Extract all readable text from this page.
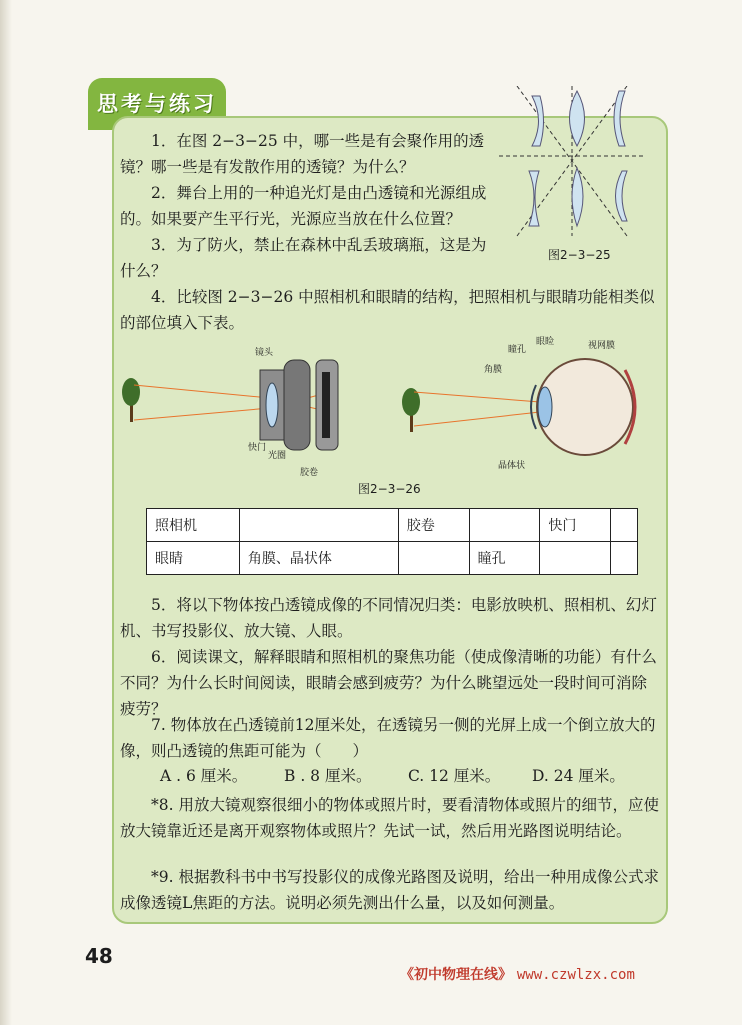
思考与练习
图2−3−25

1．在图 2−3−25 中，哪一些是有会聚作用的透镜？哪一些是有发散作用的透镜？为什么？

2．舞台上用的一种追光灯是由凸透镜和光源组成的。如果要产生平行光，光源应当放在什么位置？

3．为了防火，禁止在森林中乱丢玻璃瓶，这是为什么？

4．比较图 2−3−26 中照相机和眼睛的结构，把照相机与眼睛功能相类似的部位填入下表。

镜头
快门
光圈
胶卷
瞳孔
眼睑	视网膜
角膜
晶体状
图2−3−26
照相机		胶卷		快门	
眼睛	角膜、晶状体		瞳孔		

5．将以下物体按凸透镜成像的不同情况归类：电影放映机、照相机、幻灯机、书写投影仪、放大镜、人眼。

6．阅读课文，解释眼睛和照相机的聚焦功能（使成像清晰的功能）有什么不同？为什么长时间阅读，眼睛会感到疲劳？为什么眺望远处一段时间可消除疲劳？

7. 物体放在凸透镜前12厘米处，在透镜另一侧的光屏上成一个倒立放大的像，则凸透镜的焦距可能为（　　）

A . 6 厘米。 B . 8 厘米。 C. 12 厘米。 D. 24 厘米。

*8. 用放大镜观察很细小的物体或照片时，要看清物体或照片的细节，应使放大镜靠近还是离开观察物体或照片？先试一试，然后用光路图说明结论。

*9. 根据教科书中书写投影仪的成像光路图及说明，给出一种用成像公式求成像透镜L焦距的方法。说明必须先测出什么量，以及如何测量。

48
《初中物理在线》 www.czwlzx.com
